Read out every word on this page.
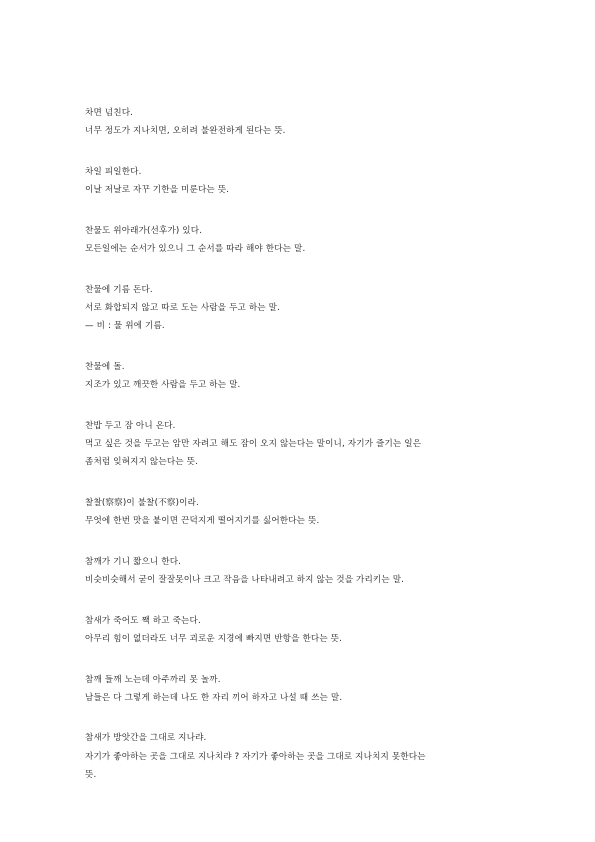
차면 넘친다.
너무 정도가 지나치면, 오히려 불완전하게 된다는 뜻.
차일 피일한다.
이날 저날로 자꾸 기한을 미룬다는 뜻.
찬물도 위아래가(선후가) 있다.
모든일에는 순서가 있으니 그 순서를 따라 해야 한다는 말.
찬물에 기름 돈다.
서로 화합되지 않고 따로 도는 사람을 두고 하는 말.
— 비 : 물 위에 기름.
찬물에 돌.
지조가 있고 깨끗한 사람을 두고 하는 말.
찬밥 두고 잠 아니 온다.
먹고 싶은 것을 두고는 암만 자려고 해도 잠이 오지 않는다는 말이니, 자기가 즐기는 일은
좀처럼 잊혀지지 않는다는 뜻.
찰찰(察察)이 불찰(不察)이라.
무엇에 한번 맛을 붙이면 끈덕지게 떨어지기를 싫어한다는 뜻.
참깨가 기니 짧으니 한다.
비슷비슷해서 굳이 잘잘못이나 크고 작음을 나타내려고 하지 않는 것을 가리키는 말.
참새가 죽어도 짹 하고 죽는다.
아무리 힘이 없더라도 너무 괴로운 지경에 빠지면 반항을 한다는 뜻.
참깨 들깨 노는데 아주까리 못 놀까.
남들은 다 그렇게 하는데 나도 한 자리 끼어 하자고 나설 때 쓰는 말.
참새가 방앗간을 그대로 지나랴.
자기가 좋아하는 곳을 그대로 지나치랴 ? 자기가 좋아하는 곳을 그대로 지나치지 못한다는
뜻.
